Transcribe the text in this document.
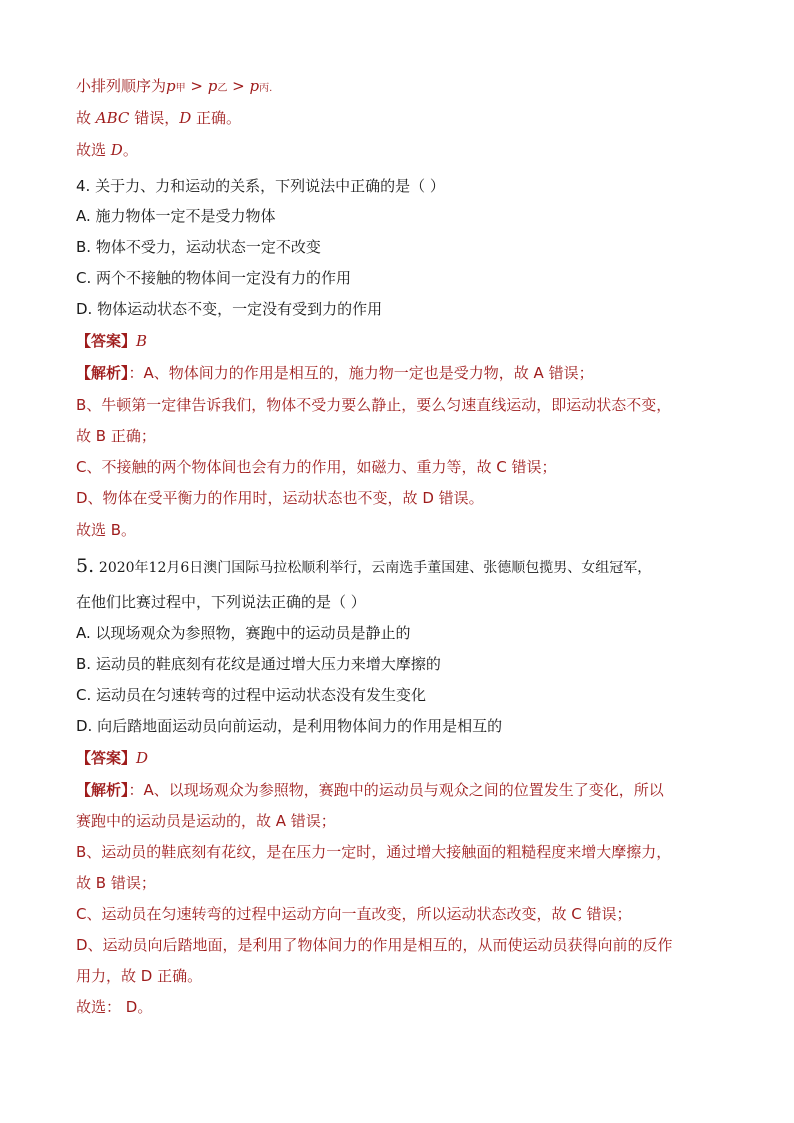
小排列顺序为p甲 > p乙 > p丙.
故 ABC 错误，D 正确。
故选 D。
4. 关于力、力和运动的关系，下列说法中正确的是（ ）
A. 施力物体一定不是受力物体
B. 物体不受力，运动状态一定不改变
C. 两个不接触的物体间一定没有力的作用
D. 物体运动状态不变，一定没有受到力的作用
【答案】B
【解析】：A、物体间力的作用是相互的，施力物一定也是受力物，故 A 错误；
B、牛顿第一定律告诉我们，物体不受力要么静止，要么匀速直线运动，即运动状态不变，
故 B 正确；
C、不接触的两个物体间也会有力的作用，如磁力、重力等，故 C 错误；
D、物体在受平衡力的作用时，运动状态也不变，故 D 错误。
故选 B。
5. 2020年12月6日澳门国际马拉松顺利举行，云南选手董国建、张德顺包揽男、女组冠军，
在他们比赛过程中，下列说法正确的是（ ）
A. 以现场观众为参照物，赛跑中的运动员是静止的
B. 运动员的鞋底刻有花纹是通过增大压力来增大摩擦的
C. 运动员在匀速转弯的过程中运动状态没有发生变化
D. 向后踏地面运动员向前运动，是利用物体间力的作用是相互的
【答案】D
【解析】：A、以现场观众为参照物，赛跑中的运动员与观众之间的位置发生了变化，所以
赛跑中的运动员是运动的，故 A 错误；
B、运动员的鞋底刻有花纹，是在压力一定时，通过增大接触面的粗糙程度来增大摩擦力，
故 B 错误；
C、运动员在匀速转弯的过程中运动方向一直改变，所以运动状态改变，故 C 错误；
D、运动员向后踏地面，是利用了物体间力的作用是相互的，从而使运动员获得向前的反作
用力，故 D 正确。
故选： D。
